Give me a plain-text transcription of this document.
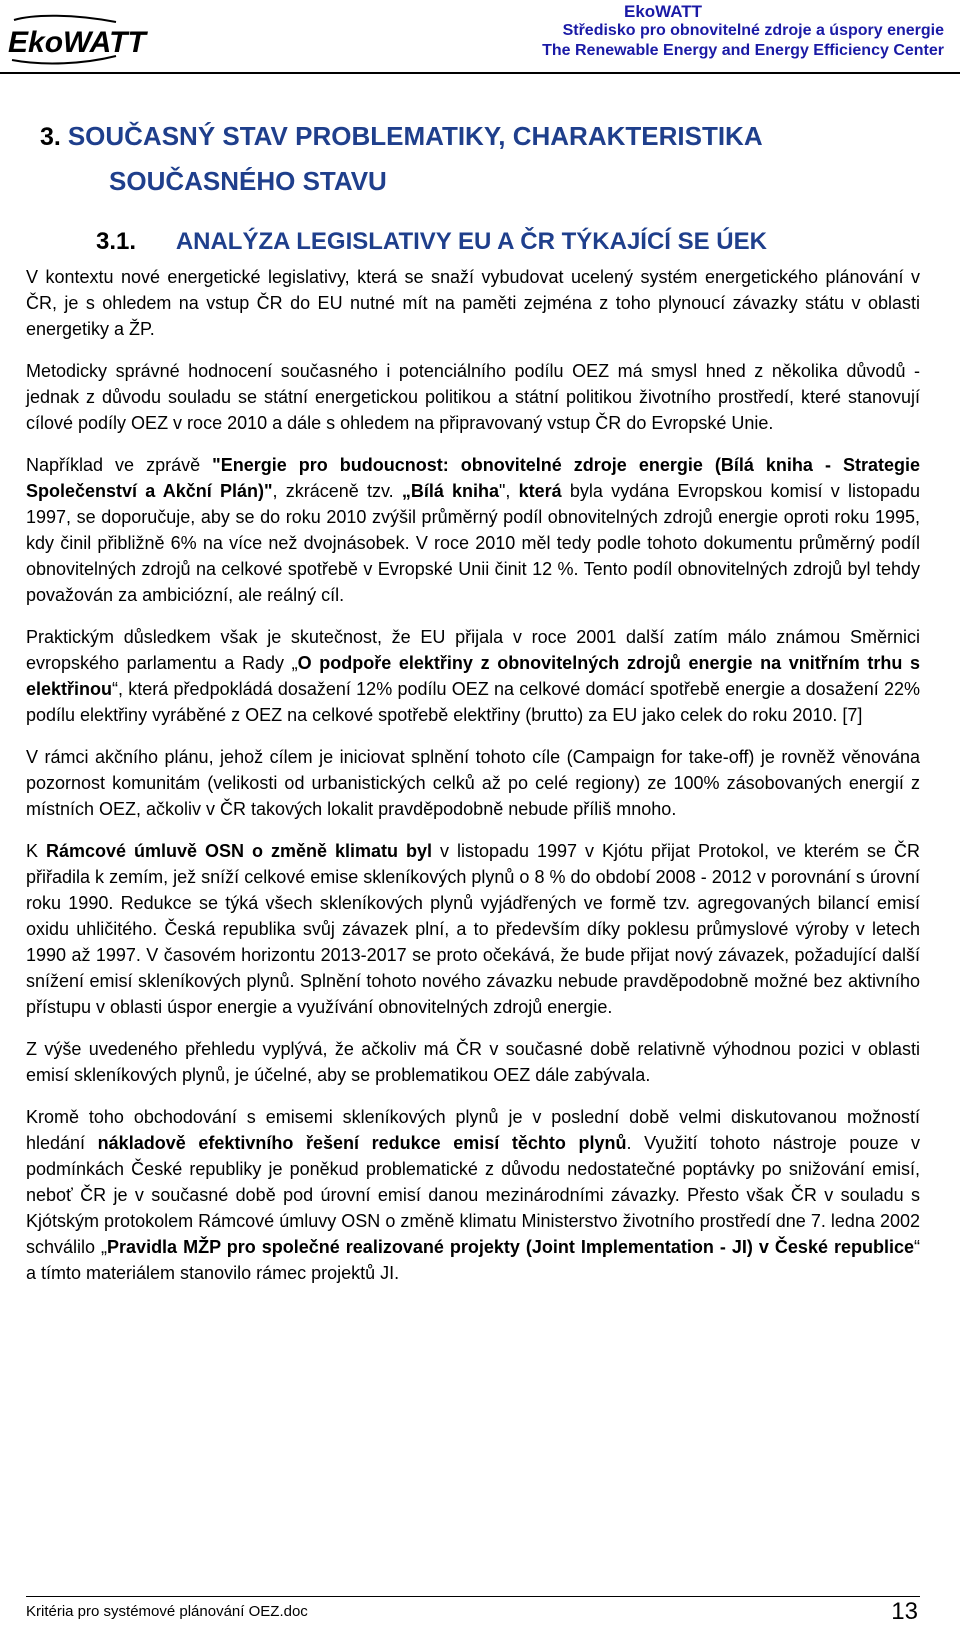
EkoWATT
EkoWATT
Středisko pro obnovitelné zdroje a úspory energie
The Renewable Energy and Energy Efficiency Center
3. SOUČASNÝ STAV PROBLEMATIKY, CHARAKTERISTIKA
SOUČASNÉHO STAVU
3.1. ANALÝZA LEGISLATIVY EU A ČR TÝKAJÍCÍ SE ÚEK

V kontextu nové energetické legislativy, která se snaží vybudovat ucelený systém energetického plánování v ČR, je s ohledem na vstup ČR do EU nutné mít na paměti zejména z toho plynoucí závazky státu v oblasti energetiky a ŽP.

Metodicky správné hodnocení současného i potenciálního podílu OEZ má smysl hned z několika důvodů - jednak z důvodu souladu se státní energetickou politikou a státní politikou životního prostředí, které stanovují cílové podíly OEZ v roce 2010 a dále s ohledem na připravovaný vstup ČR do Evropské Unie.

Například ve zprávě "Energie pro budoucnost: obnovitelné zdroje energie (Bílá kniha - Strategie Společenství a Akční Plán)", zkráceně tzv. „Bílá kniha", která byla vydána Evropskou komisí v listopadu 1997, se doporučuje, aby se do roku 2010 zvýšil průměrný podíl obnovitelných zdrojů energie oproti roku 1995, kdy činil přibližně 6% na více než dvojnásobek. V roce 2010 měl tedy podle tohoto dokumentu průměrný podíl obnovitelných zdrojů na celkové spotřebě v Evropské Unii činit 12 %. Tento podíl obnovitelných zdrojů byl tehdy považován za ambiciózní, ale reálný cíl.

Praktickým důsledkem však je skutečnost, že EU přijala v roce 2001 další zatím málo známou Směrnici evropského parlamentu a Rady „O podpoře elektřiny z obnovitelných zdrojů energie na vnitřním trhu s elektřinou“, která předpokládá dosažení 12% podílu OEZ na celkové domácí spotřebě energie a dosažení 22% podílu elektřiny vyráběné z OEZ na celkové spotřebě elektřiny (brutto) za EU jako celek do roku 2010. [7]

V rámci akčního plánu, jehož cílem je iniciovat splnění tohoto cíle (Campaign for take-off) je rovněž věnována pozornost komunitám (velikosti od urbanistických celků až po celé regiony) ze 100% zásobovaných energií z místních OEZ, ačkoliv v ČR takových lokalit pravděpodobně nebude příliš mnoho.

K Rámcové úmluvě OSN o změně klimatu byl v listopadu 1997 v Kjótu přijat Protokol, ve kterém se ČR přiřadila k zemím, jež sníží celkové emise skleníkových plynů o 8 % do období 2008 - 2012 v porovnání s úrovní roku 1990. Redukce se týká všech skleníkových plynů vyjádřených ve formě tzv. agregovaných bilancí emisí oxidu uhličitého. Česká republika svůj závazek plní, a to především díky poklesu průmyslové výroby v letech 1990 až 1997. V časovém horizontu 2013-2017 se proto očekává, že bude přijat nový závazek, požadující další snížení emisí skleníkových plynů. Splnění tohoto nového závazku nebude pravděpodobně možné bez aktivního přístupu v oblasti úspor energie a využívání obnovitelných zdrojů energie.

Z výše uvedeného přehledu vyplývá, že ačkoliv má ČR v současné době relativně výhodnou pozici v oblasti emisí skleníkových plynů, je účelné, aby se problematikou OEZ dále zabývala.

Kromě toho obchodování s emisemi skleníkových plynů je v poslední době velmi diskutovanou možností hledání nákladově efektivního řešení redukce emisí těchto plynů. Využití tohoto nástroje pouze v podmínkách České republiky je poněkud problematické z důvodu nedostatečné poptávky po snižování emisí, neboť ČR je v současné době pod úrovní emisí danou mezinárodními závazky. Přesto však ČR v souladu s Kjótským protokolem Rámcové úmluvy OSN o změně klimatu Ministerstvo životního prostředí dne 7. ledna 2002 schválilo „Pravidla MŽP pro společné realizované projekty (Joint Implementation - JI) v České republice“ a tímto materiálem stanovilo rámec projektů JI.

Kritéria pro systémové plánování OEZ.doc	13
